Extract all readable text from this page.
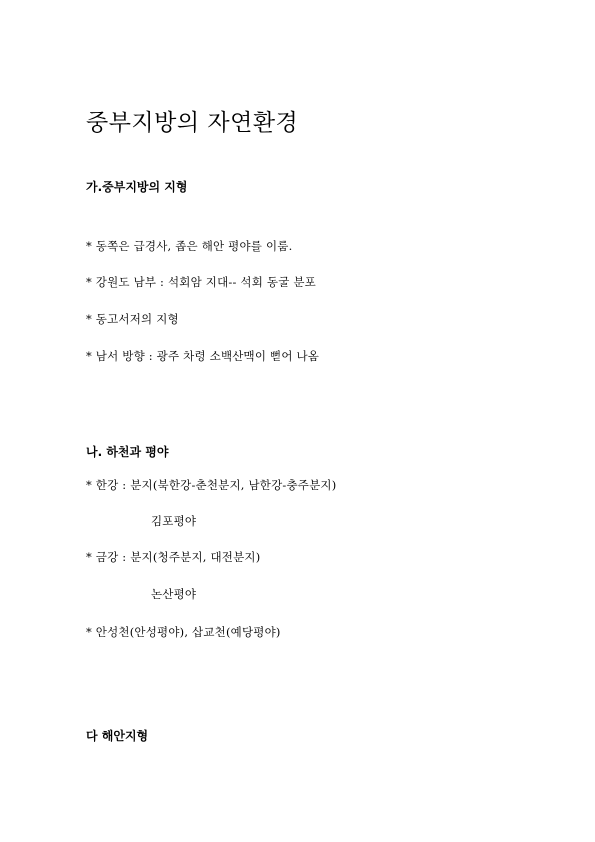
중부지방의 자연환경
가.중부지방의 지형
* 동쪽은 급경사, 좁은 해안 평야를 이룸.
* 강원도 남부 : 석회암 지대-- 석회 동굴 분포
* 동고서저의 지형
* 남서 방향 : 광주 차령 소백산맥이 뻗어 나옴
나. 하천과 평야
* 한강 : 분지(북한강-춘천분지, 남한강-충주분지)
김포평야
* 금강 : 분지(청주분지, 대전분지)
논산평야
* 안성천(안성평야), 삽교천(예당평야)
다 해안지형
